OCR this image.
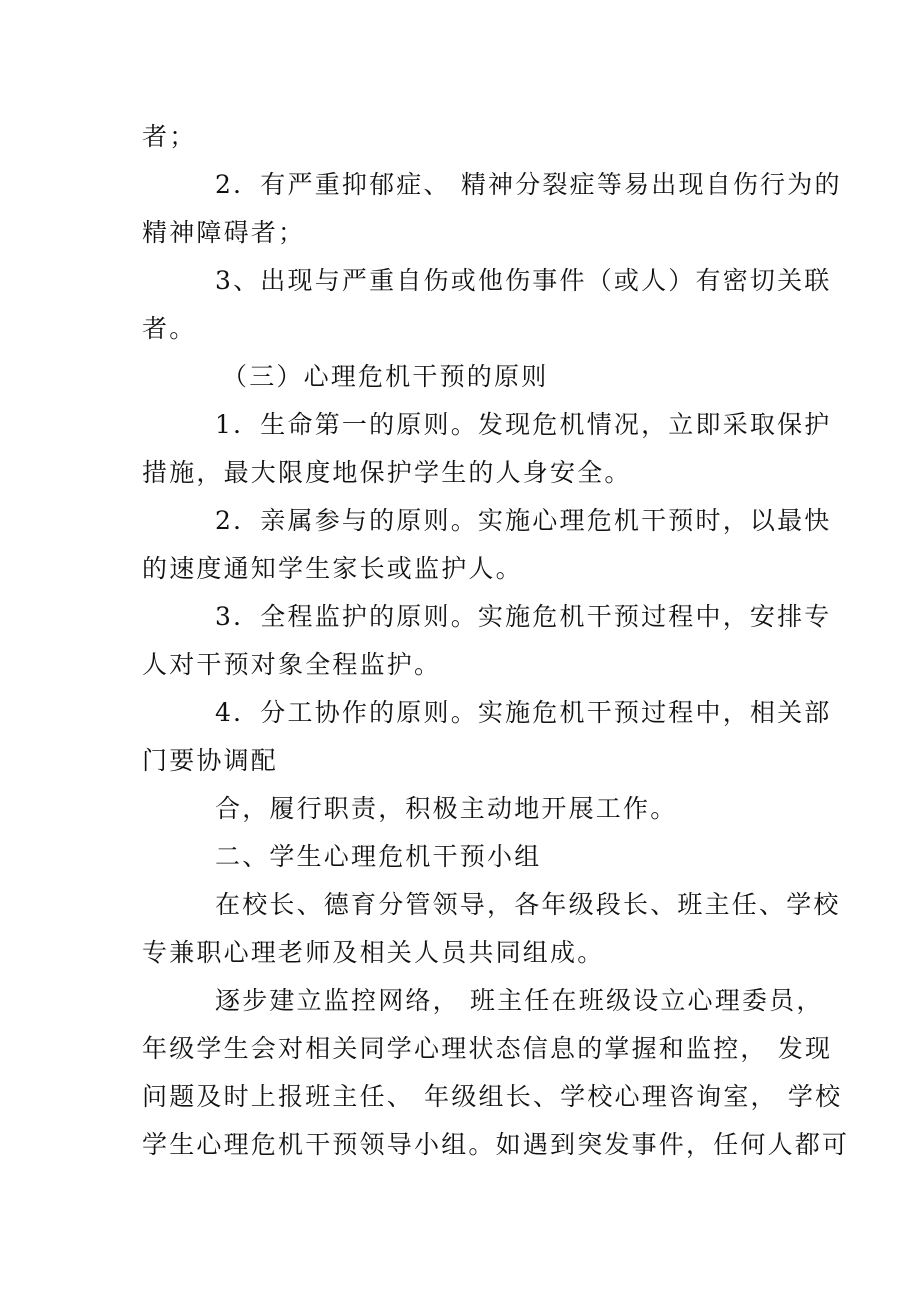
者；
2．有严重抑郁症、 精神分裂症等易出现自伤行为的
精神障碍者；
3、出现与严重自伤或他伤事件（或人）有密切关联
者。
（三）心理危机干预的原则
1．生命第一的原则。发现危机情况，立即采取保护
措施，最大限度地保护学生的人身安全。
2．亲属参与的原则。实施心理危机干预时，以最快
的速度通知学生家长或监护人。
3．全程监护的原则。实施危机干预过程中，安排专
人对干预对象全程监护。
4．分工协作的原则。实施危机干预过程中，相关部
门要协调配
合，履行职责，积极主动地开展工作。
二、学生心理危机干预小组
在校长、德育分管领导，各年级段长、班主任、学校
专兼职心理老师及相关人员共同组成。
逐步建立监控网络， 班主任在班级设立心理委员，
年级学生会对相关同学心理状态信息的掌握和监控， 发现
问题及时上报班主任、 年级组长、学校心理咨询室， 学校
学生心理危机干预领导小组。如遇到突发事件，任何人都可
